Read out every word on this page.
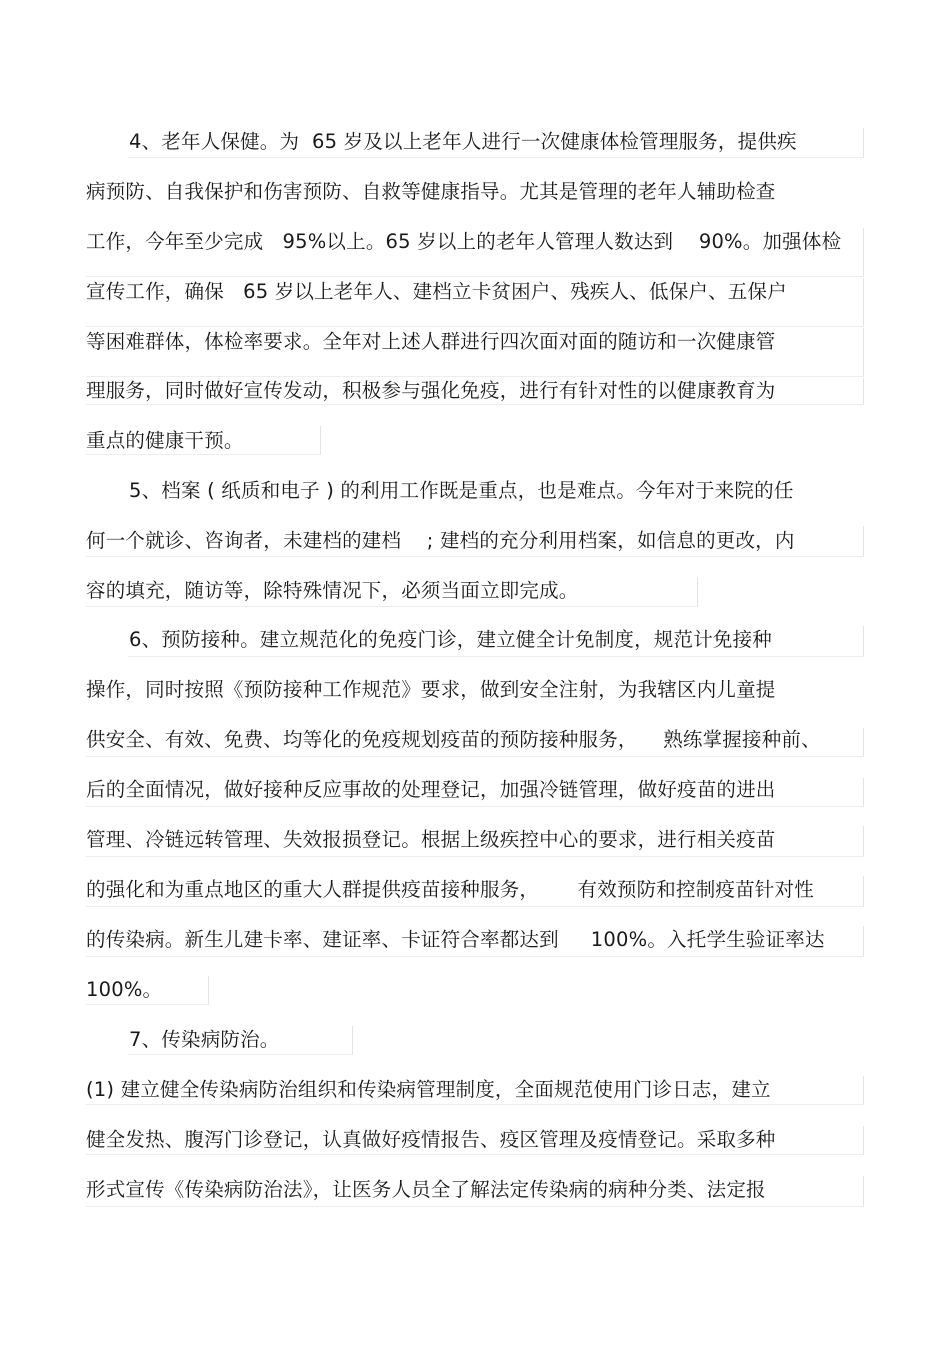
4、老年人保健。为  65 岁及以上老年人进行一次健康体检管理服务，提供疾
病预防、自我保护和伤害预防、自救等健康指导。尤其是管理的老年人辅助检查
工作，今年至少完成   95%以上。65 岁以上的老年人管理人数达到    90%。加强体检
宣传工作，确保   65 岁以上老年人、建档立卡贫困户、残疾人、低保户、五保户
等困难群体，体检率要求。全年对上述人群进行四次面对面的随访和一次健康管
理服务，同时做好宣传发动，积极参与强化免疫，进行有针对性的以健康教育为
重点的健康干预。
5、档案 ( 纸质和电子 ) 的利用工作既是重点，也是难点。今年对于来院的任
何一个就诊、咨询者，未建档的建档    ; 建档的充分利用档案，如信息的更改，内
容的填充，随访等，除特殊情况下，必须当面立即完成。
6、预防接种。建立规范化的免疫门诊，建立健全计免制度，规范计免接种
操作，同时按照《预防接种工作规范》要求，做到安全注射，为我辖区内儿童提
供安全、有效、免费、均等化的免疫规划疫苗的预防接种服务，    熟练掌握接种前、
后的全面情况，做好接种反应事故的处理登记，加强冷链管理，做好疫苗的进出
管理、冷链远转管理、失效报损登记。根据上级疾控中心的要求，进行相关疫苗
的强化和为重点地区的重大人群提供疫苗接种服务，      有效预防和控制疫苗针对性
的传染病。新生儿建卡率、建证率、卡证符合率都达到     100%。入托学生验证率达
100%。
7、传染病防治。
(1) 建立健全传染病防治组织和传染病管理制度，全面规范使用门诊日志，建立
健全发热、腹泻门诊登记，认真做好疫情报告、疫区管理及疫情登记。采取多种
形式宣传《传染病防治法》，让医务人员全了解法定传染病的病种分类、法定报
